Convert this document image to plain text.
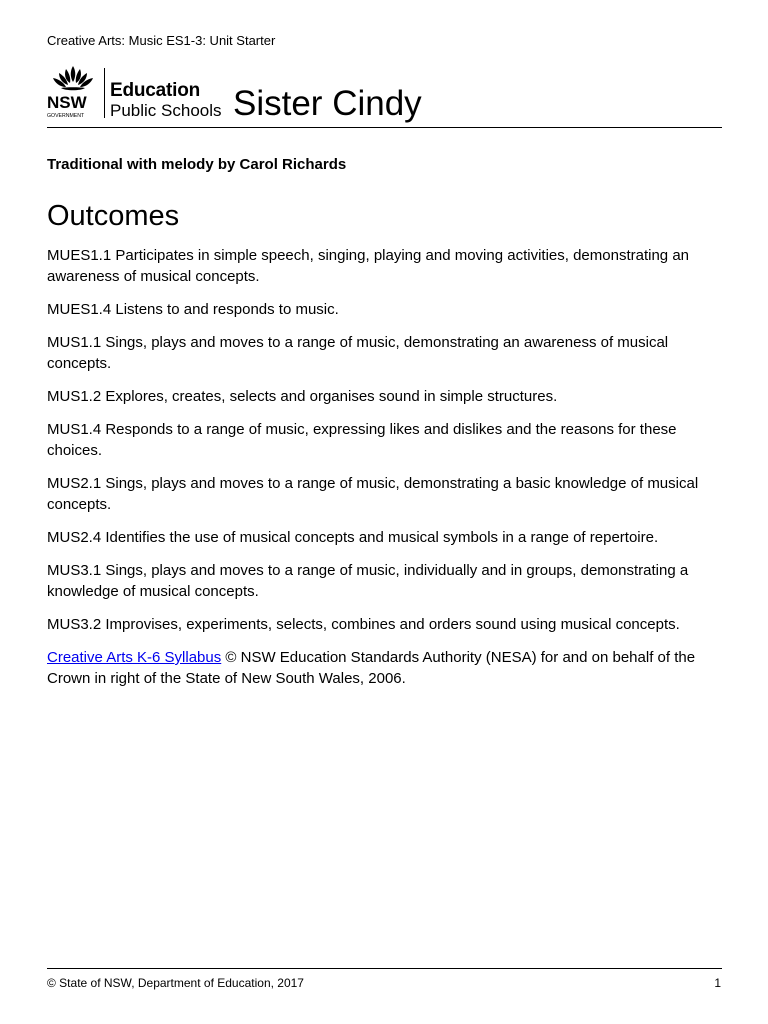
Creative Arts: Music ES1-3: Unit Starter
NSW
GOVERNMENT
Education
Public Schools Sister Cindy
Traditional with melody by Carol Richards
Outcomes

MUES1.1 Participates in simple speech, singing, playing and moving activities, demonstrating an awareness of musical concepts.

MUES1.4 Listens to and responds to music.

MUS1.1 Sings, plays and moves to a range of music, demonstrating an awareness of musical concepts.

MUS1.2 Explores, creates, selects and organises sound in simple structures.

MUS1.4 Responds to a range of music, expressing likes and dislikes and the reasons for these choices.

MUS2.1 Sings, plays and moves to a range of music, demonstrating a basic knowledge of musical concepts.

MUS2.4 Identifies the use of musical concepts and musical symbols in a range of repertoire.

MUS3.1 Sings, plays and moves to a range of music, individually and in groups, demonstrating a knowledge of musical concepts.

MUS3.2 Improvises, experiments, selects, combines and orders sound using musical concepts.

Creative Arts K-6 Syllabus © NSW Education Standards Authority (NESA) for and on behalf of the Crown in right of the State of New South Wales, 2006.

© State of NSW, Department of Education, 2017	1
